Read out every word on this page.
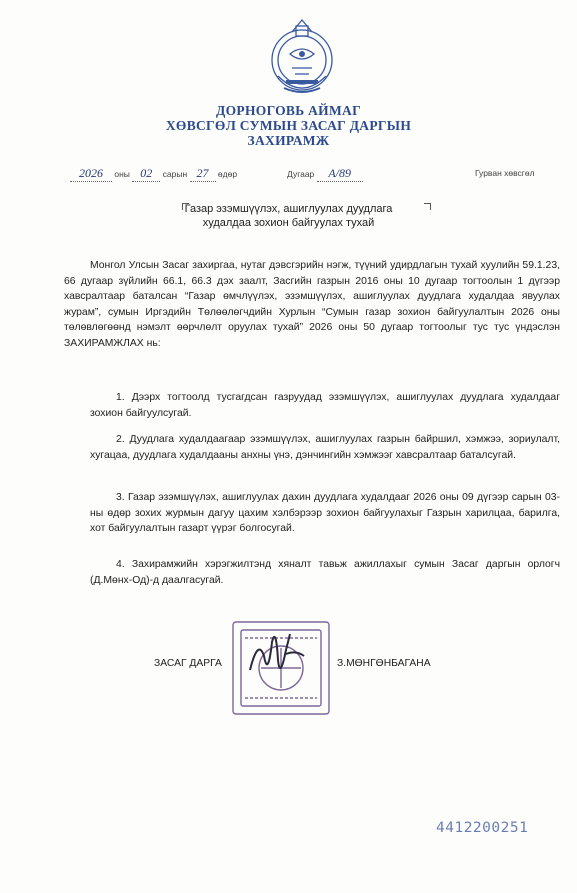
ДОРНОГОВЬ АЙМАГ
ХӨВСГӨЛ СУМЫН ЗАСАГ ДАРГЫН
ЗАХИРАМЖ
2026 оны 02 сарын 27 өдөр	Дугаар А/89	Гурван хөвсгөл
Газар эзэмшүүлэх, ашиглуулах дуудлага
худалдаа зохион байгуулах тухай
Монгол Улсын Засаг захиргаа, нутаг дэвсгэрийн нэгж, түүний удирдлагын тухай хуулийн 59.1.23, 66 дугаар зүйлийн 66.1, 66.3 дэх заалт, Засгийн газрын 2016 оны 10 дугаар тогтоолын 1 дүгээр хавсралтаар баталсан “Газар өмчлүүлэх, эзэмшүүлэх, ашиглуулах дуудлага худалдаа явуулах журам”, сумын Иргэдийн Төлөөлөгчдийн Хурлын “Сумын газар зохион байгуулалтын 2026 оны төлөвлөгөөнд нэмэлт өөрчлөлт оруулах тухай” 2026 оны 50 дугаар тогтоолыг тус тус үндэслэн ЗАХИРАМЖЛАХ нь:
1. Дээрх тогтоолд тусгагдсан газруудад эзэмшүүлэх, ашиглуулах дуудлага худалдааг зохион байгуулсугай.
2. Дуудлага худалдаагаар эзэмшүүлэх, ашиглуулах газрын байршил, хэмжээ, зориулалт, хугацаа, дуудлага худалдааны анхны үнэ, дэнчингийн хэмжээг хавсралтаар баталсугай.
3. Газар эзэмшүүлэх, ашиглуулах дахин дуудлага худалдааг 2026 оны 09 дүгээр сарын 03-ны өдөр зохих журмын дагуу цахим хэлбэрээр зохион байгуулахыг Газрын харилцаа, барилга, хот байгуулалтын газарт үүрэг болгосугай.
4. Захирамжийн хэрэгжилтэнд хяналт тавьж ажиллахыг сумын Засаг даргын орлогч (Д.Мөнх-Од)-д даалгасугай.
ЗАСАГ ДАРГА	З.МӨНГӨНБАГАНА
4412200251
